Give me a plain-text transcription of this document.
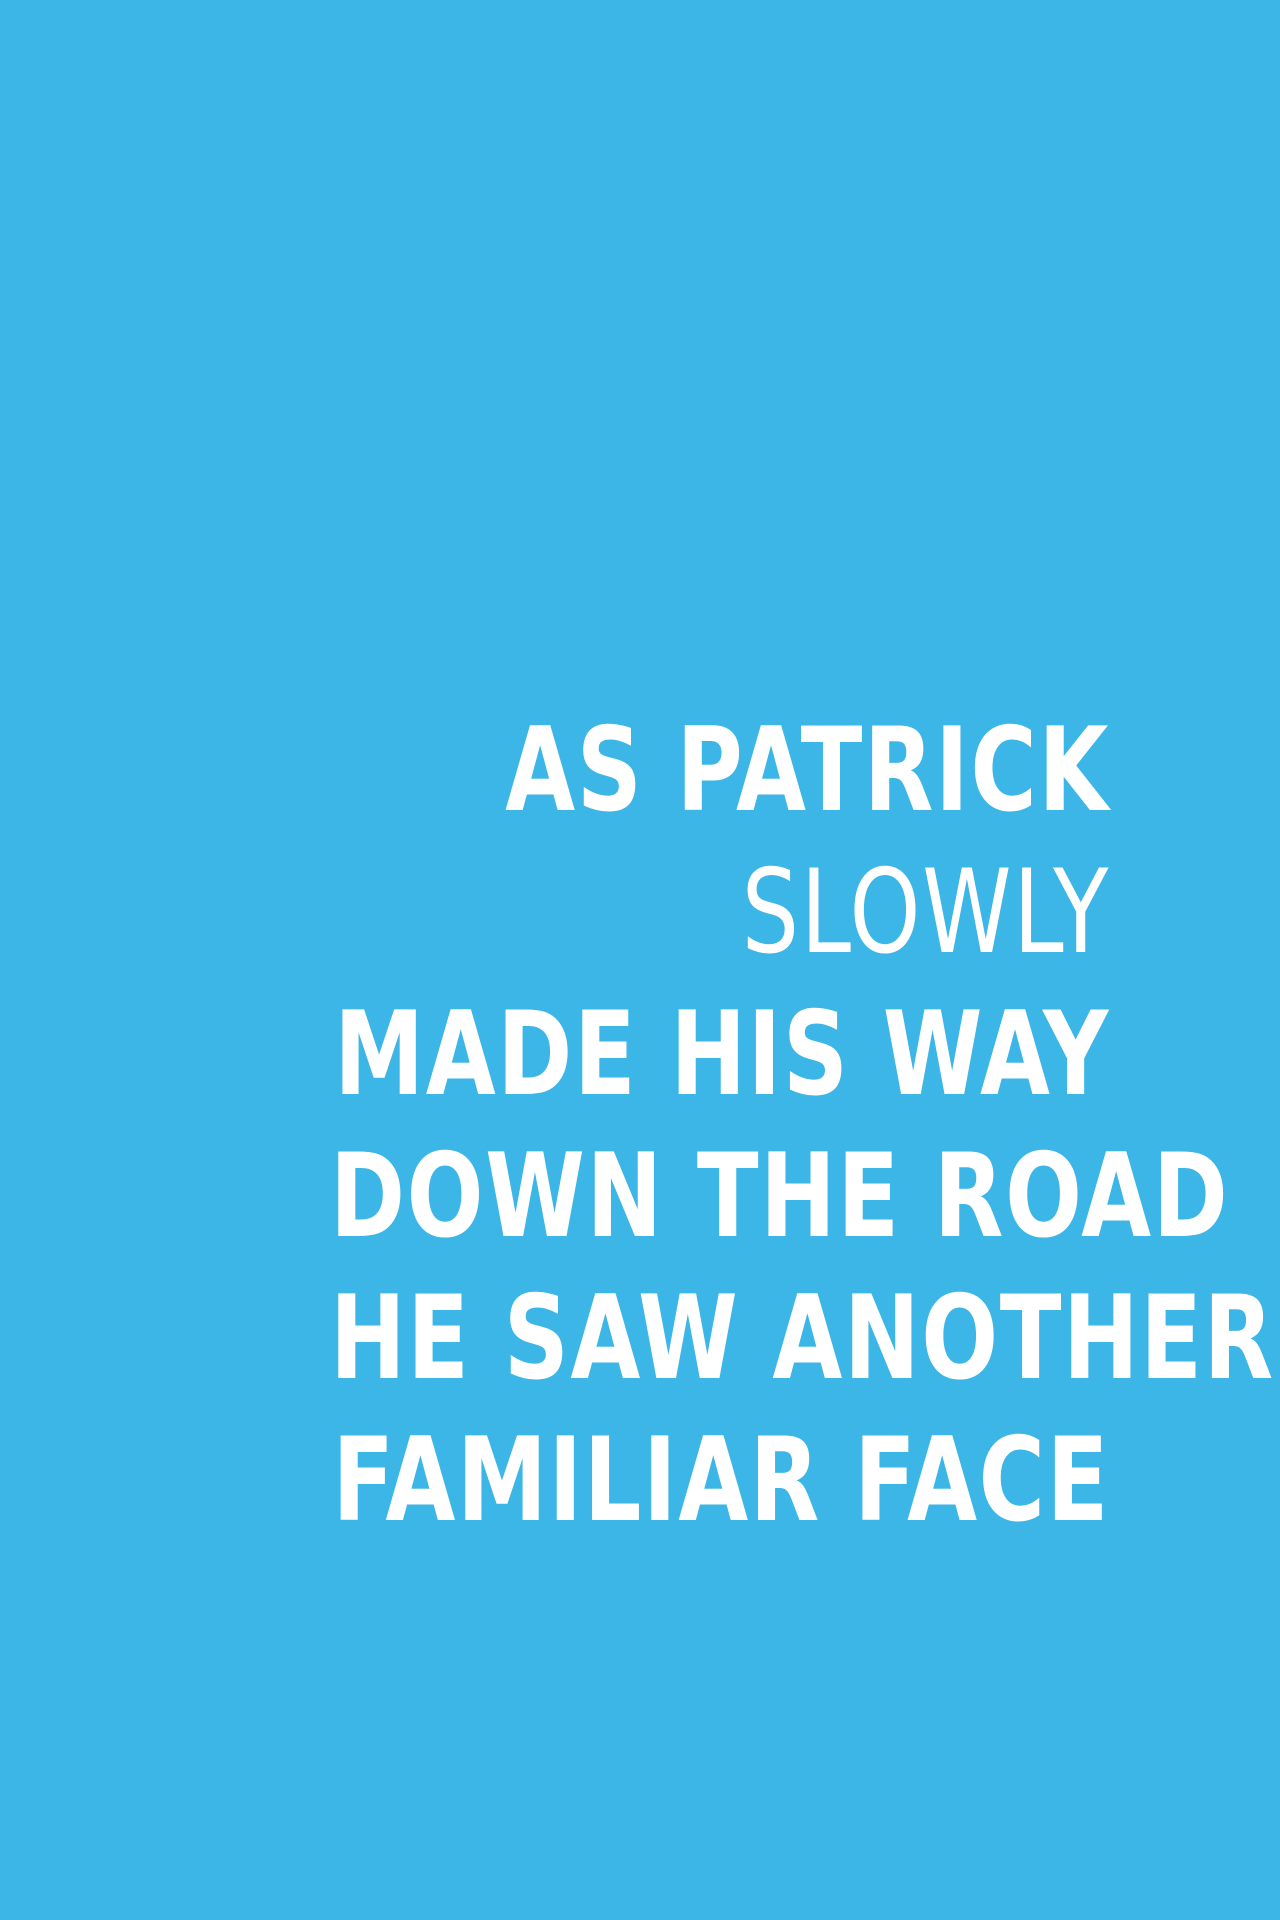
AS PATRICK
SLOWLY
MADE HIS WAY
DOWN THE ROAD
HE SAW ANOTHER
FAMILIAR FACE
